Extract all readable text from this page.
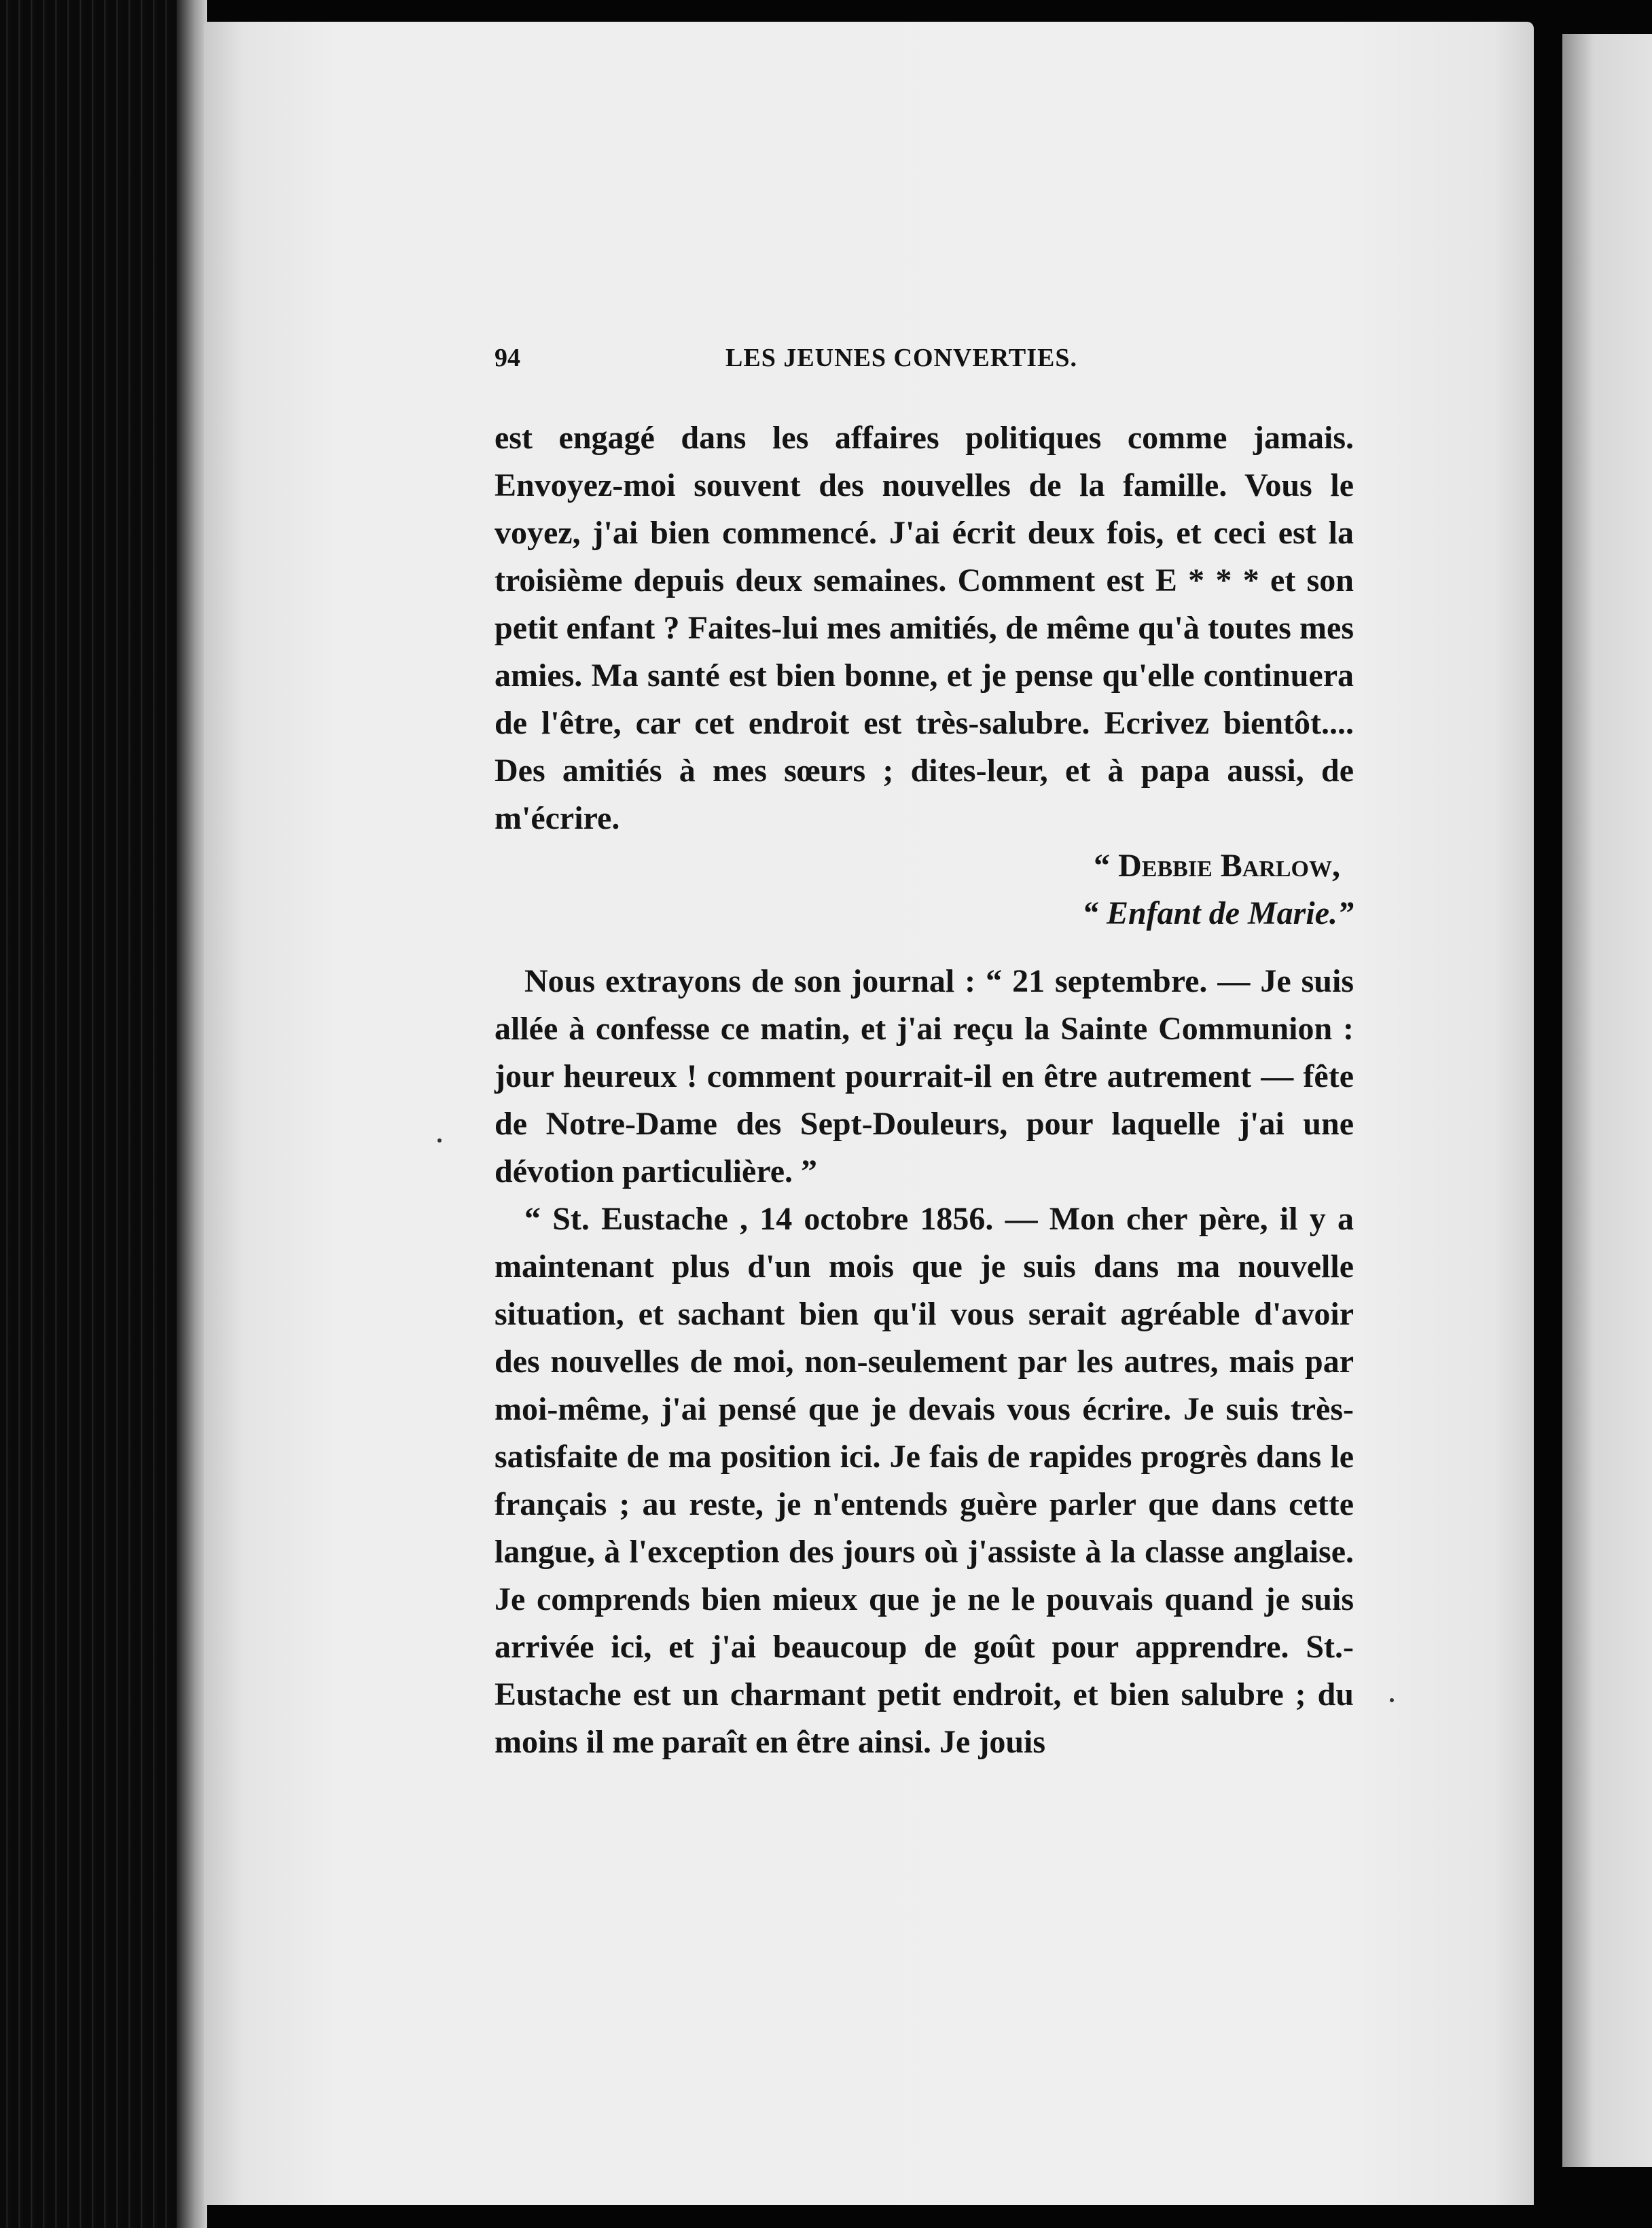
94	LES JEUNES CONVERTIES.

est engagé dans les affaires politiques comme jamais. Envoyez-moi souvent des nouvelles de la famille. Vous le voyez, j'ai bien commencé. J'ai écrit deux fois, et ceci est la troisième depuis deux semaines. Comment est E * * * et son petit enfant ? Faites-lui mes amitiés, de même qu'à toutes mes amies. Ma santé est bien bonne, et je pense qu'elle continuera de l'être, car cet endroit est très-salubre. Ecrivez bientôt.... Des amitiés à mes sœurs ; dites-leur, et à papa aussi, de m'écrire.

“ Debbie Barlow,

“ Enfant de Marie.”

Nous extrayons de son journal : “ 21 septembre. — Je suis allée à confesse ce matin, et j'ai reçu la Sainte Communion : jour heureux ! comment pourrait-il en être autrement — fête de Notre-Dame des Sept-Douleurs, pour laquelle j'ai une dévotion particulière. ”

“ St. Eustache , 14 octobre 1856. — Mon cher père, il y a maintenant plus d'un mois que je suis dans ma nouvelle situation, et sachant bien qu'il vous serait agréable d'avoir des nouvelles de moi, non-seulement par les autres, mais par moi-même, j'ai pensé que je devais vous écrire. Je suis très-satisfaite de ma position ici. Je fais de rapides progrès dans le français ; au reste, je n'entends guère parler que dans cette langue, à l'exception des jours où j'assiste à la classe anglaise. Je comprends bien mieux que je ne le pouvais quand je suis arrivée ici, et j'ai beaucoup de goût pour apprendre. St.-Eustache est un charmant petit endroit, et bien salubre ; du moins il me paraît en être ainsi. Je jouis
